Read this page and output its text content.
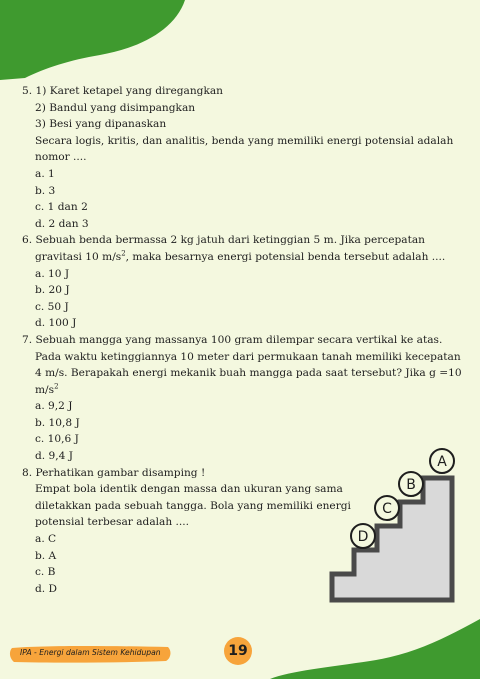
5. 1) Karet ketapel yang diregangkan
2) Bandul yang disimpangkan
3) Besi yang dipanaskan
Secara logis, kritis, dan analitis, benda yang memiliki energi potensial adalah
nomor ....
a. 1
b. 3
c. 1 dan 2
d. 2 dan 3
6. Sebuah benda bermassa 2 kg jatuh dari ketinggian 5 m. Jika percepatan
gravitasi 10 $m/s^2$, maka besarnya energi potensial benda tersebut adalah ....
a. 10 J
b. 20 J
c. 50 J
d. 100 J
7. Sebuah mangga yang massanya 100 gram dilempar secara vertikal ke atas.
Pada waktu ketinggiannya 10 meter dari permukaan tanah memiliki kecepatan
4 m/s. Berapakah energi mekanik buah mangga pada saat tersebut? Jika g =10
$m/s^2$
a. 9,2 J
b. 10,8 J
c. 10,6 J
d. 9,4 J
8. Perhatikan gambar disamping !
Empat bola identik dengan massa dan ukuran yang sama
diletakkan pada sebuah tangga. Bola yang memiliki energi
potensial terbesar adalah ....
a. C
b. A
c. B
d. D
A
B
C
D
IPA - Energi dalam Sistem Kehidupan	19
